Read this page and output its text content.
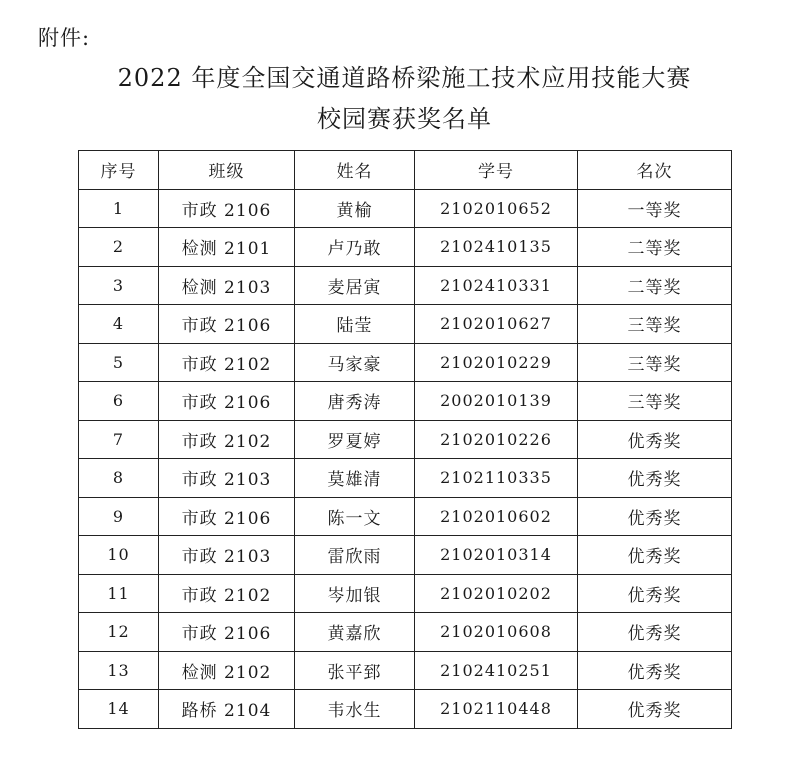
附件:
2022 年度全国交通道路桥梁施工技术应用技能大赛
校园赛获奖名单
序号	班级	姓名	学号	名次
1	市政 2106	黄榆	2102010652	一等奖
2	检测 2101	卢乃敢	2102410135	二等奖
3	检测 2103	麦居寅	2102410331	二等奖
4	市政 2106	陆莹	2102010627	三等奖
5	市政 2102	马家豪	2102010229	三等奖
6	市政 2106	唐秀涛	2002010139	三等奖
7	市政 2102	罗夏婷	2102010226	优秀奖
8	市政 2103	莫雄清	2102110335	优秀奖
9	市政 2106	陈一文	2102010602	优秀奖
10	市政 2103	雷欣雨	2102010314	优秀奖
11	市政 2102	岑加银	2102010202	优秀奖
12	市政 2106	黄嘉欣	2102010608	优秀奖
13	检测 2102	张平郅	2102410251	优秀奖
14	路桥 2104	韦水生	2102110448	优秀奖
